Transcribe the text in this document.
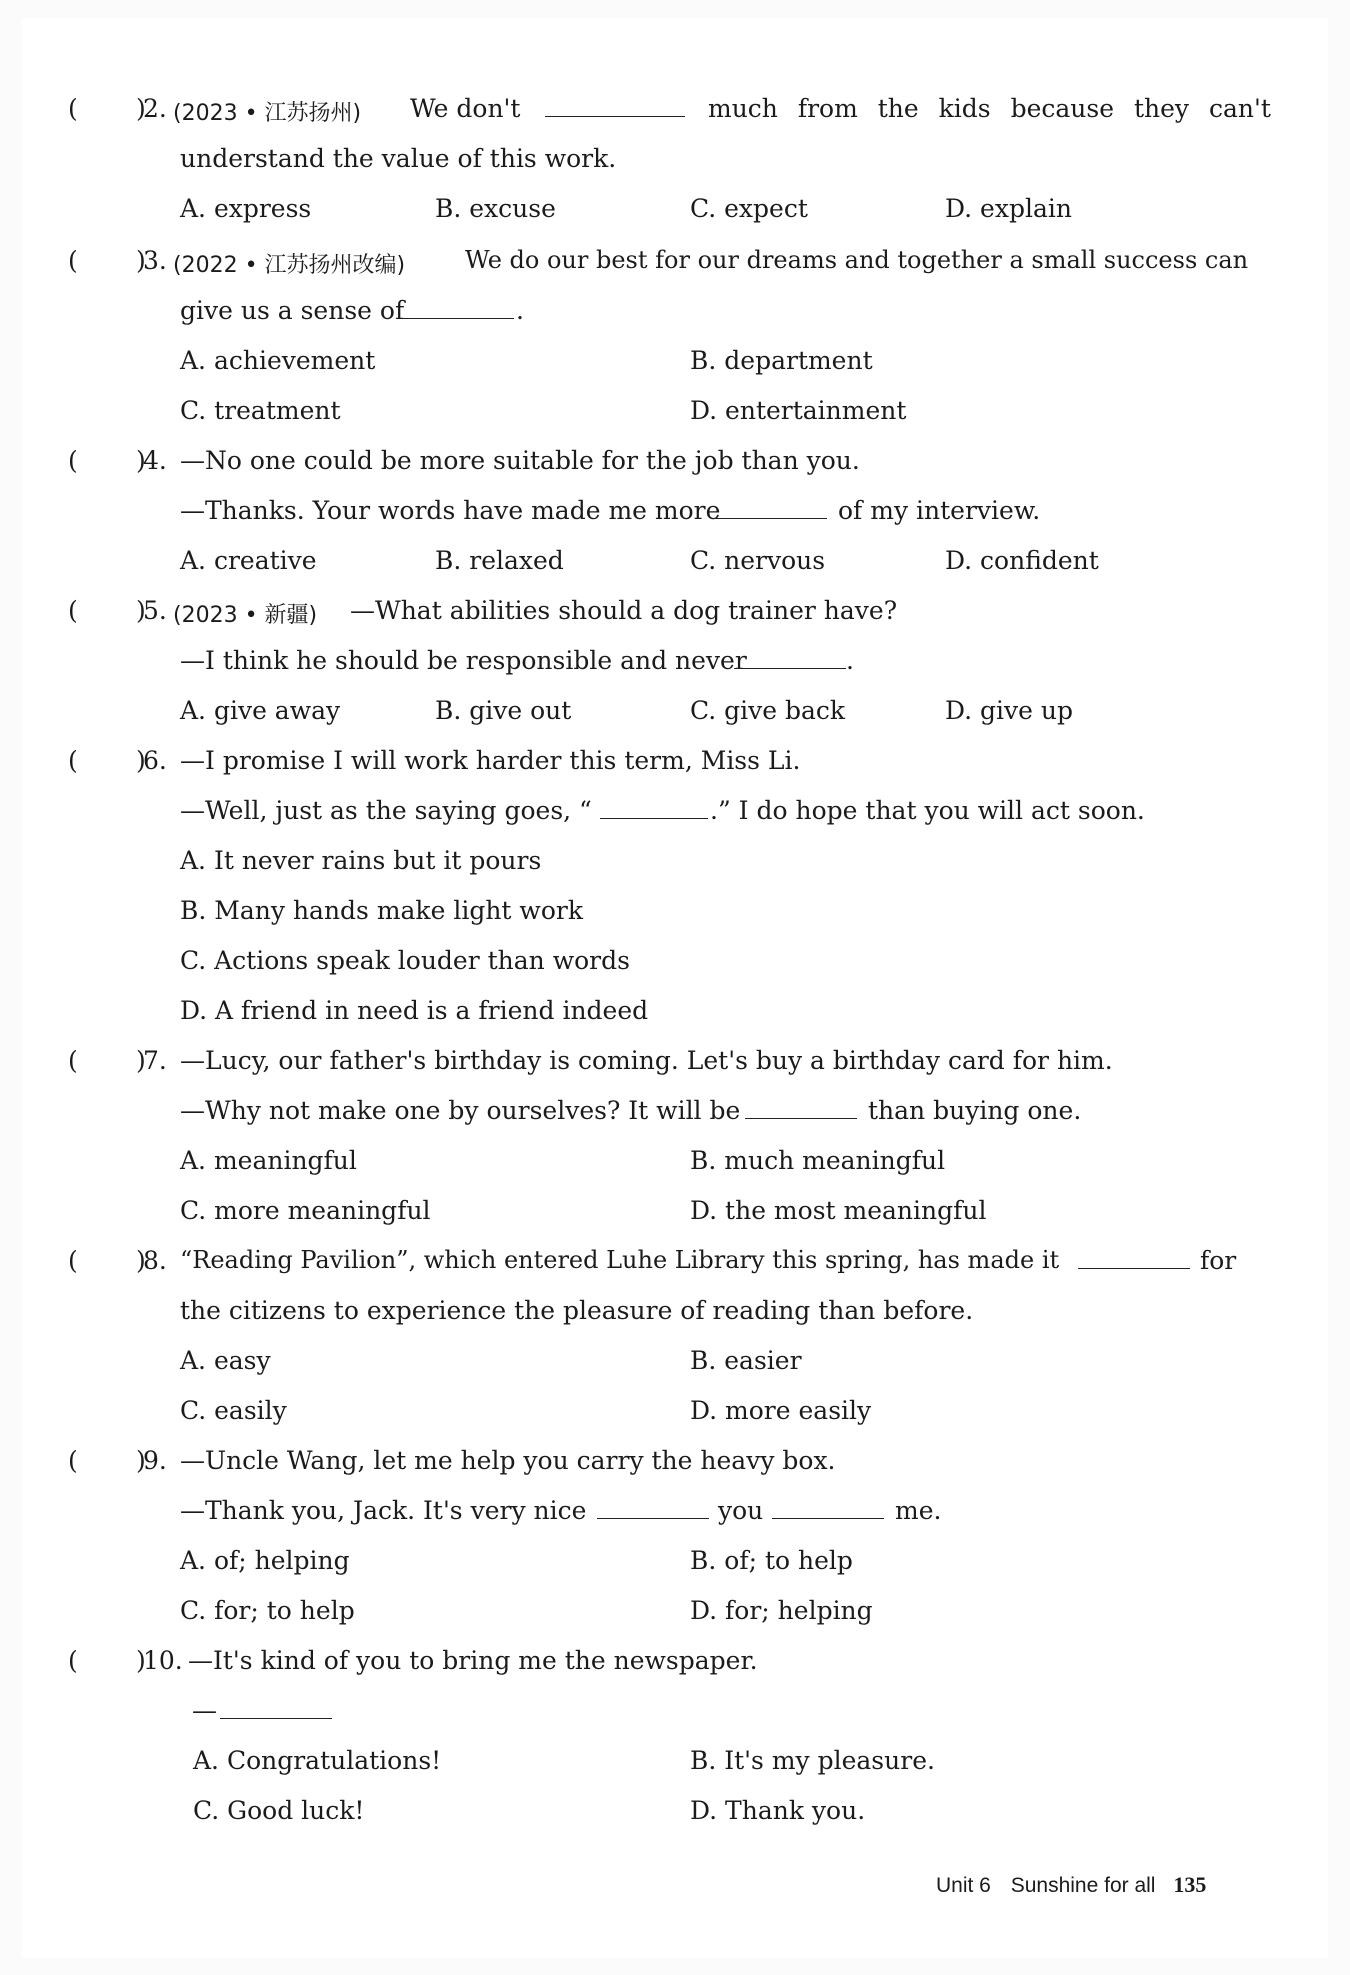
( )
2. (2023 • 江苏扬州) We don't	much from the kids because they can't
understand the value of this work.
A. express	B. excuse	C. expect	D. explain
( )
3. (2022 • 江苏扬州改编) We do our best for our dreams and together a small success can
give us a sense of	.
A. achievement	B. department
C. treatment	D. entertainment
( )
4. —No one could be more suitable for the job than you.
—Thanks. Your words have made me more	of my interview.
A. creative	B. relaxed	C. nervous	D. confident
( )
5. (2023 • 新疆) —What abilities should a dog trainer have?
—I think he should be responsible and never	.
A. give away	B. give out	C. give back	D. give up
( )
6. —I promise I will work harder this term, Miss Li.
—Well, just as the saying goes, “	.” I do hope that you will act soon.
A. It never rains but it pours
B. Many hands make light work
C. Actions speak louder than words
D. A friend in need is a friend indeed
( )
7. —Lucy, our father's birthday is coming. Let's buy a birthday card for him.
—Why not make one by ourselves? It will be	than buying one.
A. meaningful	B. much meaningful
C. more meaningful	D. the most meaningful
( )
8. “Reading Pavilion”, which entered Luhe Library this spring, has made it	for
the citizens to experience the pleasure of reading than before.
A. easy	B. easier
C. easily	D. more easily
( )
9. —Uncle Wang, let me help you carry the heavy box.
—Thank you, Jack. It's very nice	you	me.
A. of; helping	B. of; to help
C. for; to help	D. for; helping
( )
10. —It's kind of you to bring me the newspaper.
—
A. Congratulations!	B. It's my pleasure.
C. Good luck!	D. Thank you.
Unit 6 Sunshine for all 135
